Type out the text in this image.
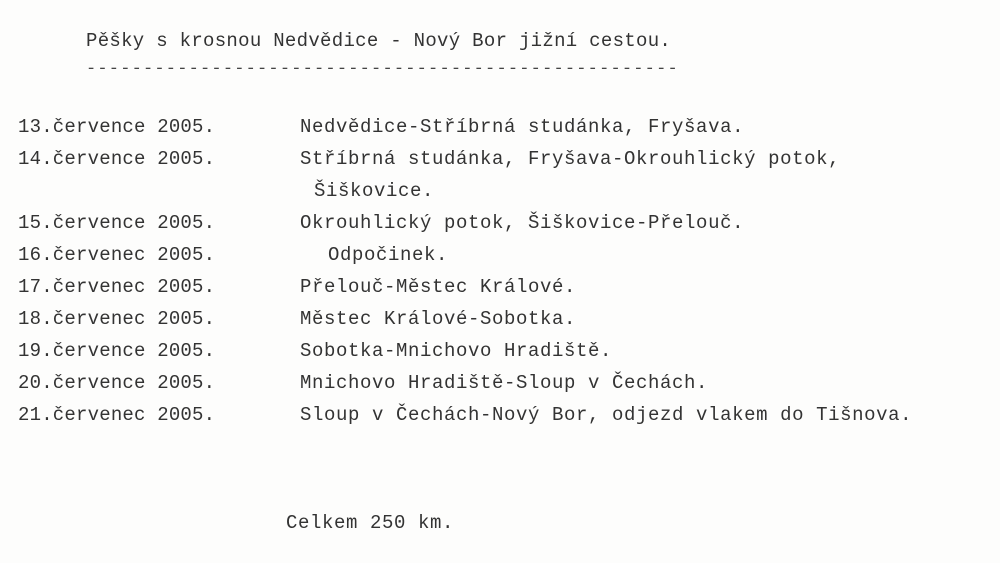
Pěšky s krosnou Nedvědice - Nový Bor jižní cestou.
----------------------------------------------------
13.července 2005.	Nedvědice-Stříbrná studánka, Fryšava.
14.července 2005.	Stříbrná studánka, Fryšava-Okrouhlický potok,
Šiškovice.
15.července 2005.	Okrouhlický potok, Šiškovice-Přelouč.
16.červenec 2005.	Odpočinek.
17.červenec 2005.	Přelouč-Městec Králové.
18.červenec 2005.	Městec Králové-Sobotka.
19.července 2005.	Sobotka-Mnichovo Hradiště.
20.července 2005.	Mnichovo Hradiště-Sloup v Čechách.
21.červenec 2005.	Sloup v Čechách-Nový Bor, odjezd vlakem do Tišnova.
Celkem 250 km.
